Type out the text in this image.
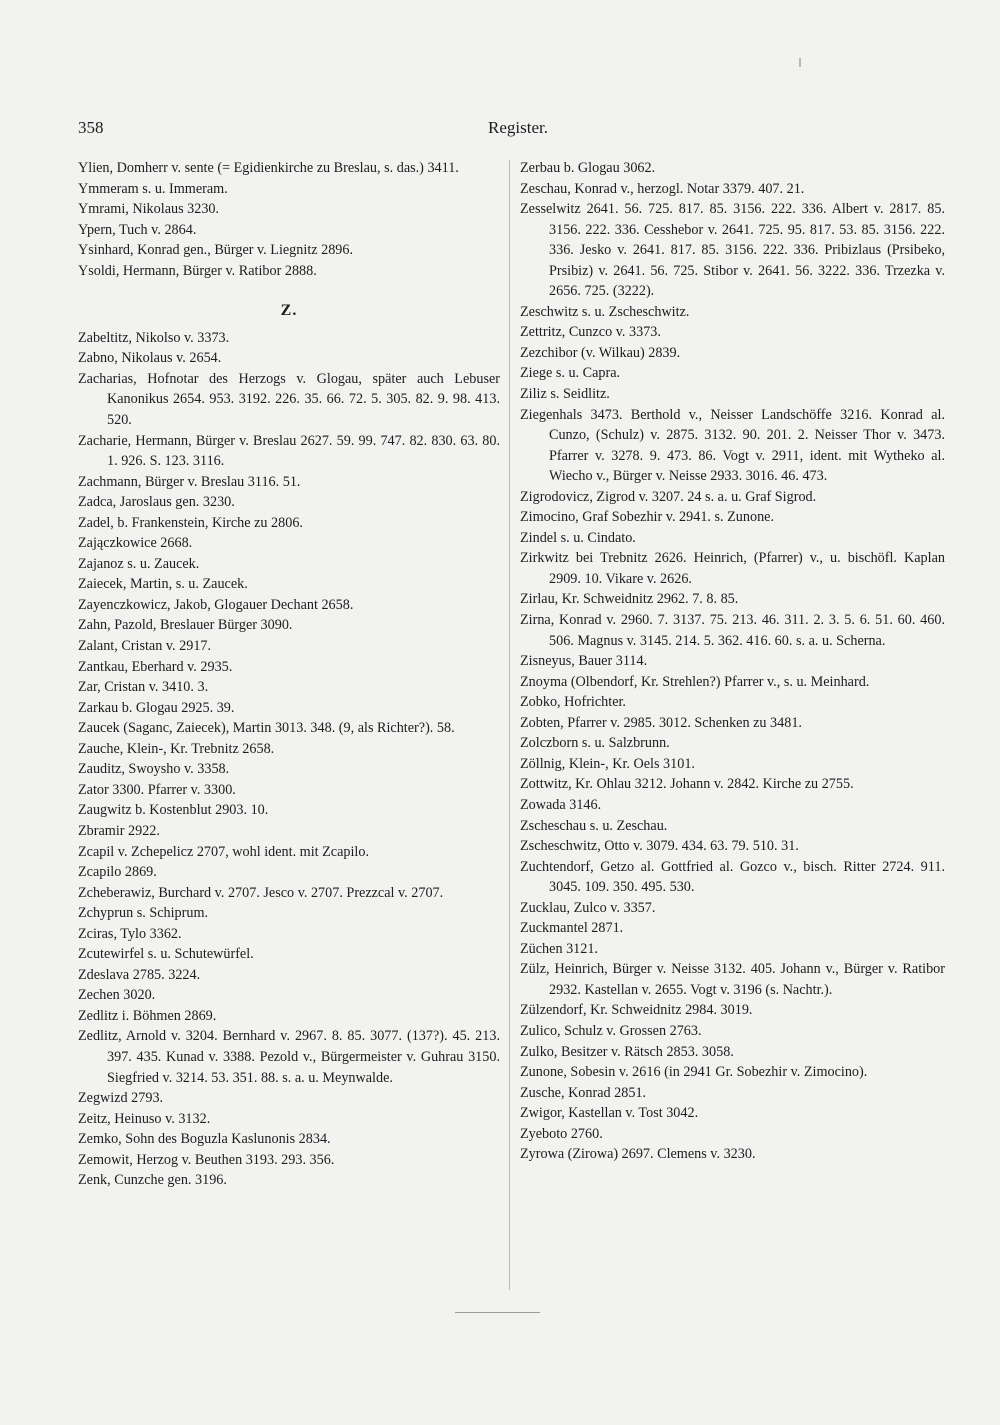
358	Register.

Ylien, Domherr v. sente (= Egidienkirche zu Breslau, s. das.) 3411.

Ymmeram s. u. Immeram.

Ymrami, Nikolaus 3230.

Ypern, Tuch v. 2864.

Ysinhard, Konrad gen., Bürger v. Liegnitz 2896.

Ysoldi, Hermann, Bürger v. Ratibor 2888.

Z.

Zabeltitz, Nikolso v. 3373.

Zabno, Nikolaus v. 2654.

Zacharias, Hofnotar des Herzogs v. Glogau, später auch Lebuser Kanonikus 2654. 953. 3192. 226. 35. 66. 72. 5. 305. 82. 9. 98. 413. 520.

Zacharie, Hermann, Bürger v. Breslau 2627. 59. 99. 747. 82. 830. 63. 80. 1. 926. S. 123. 3116.

Zachmann, Bürger v. Breslau 3116. 51.

Zadca, Jaroslaus gen. 3230.

Zadel, b. Frankenstein, Kirche zu 2806.

Zajączkowice 2668.

Zajanoz s. u. Zaucek.

Zaiecek, Martin, s. u. Zaucek.

Zayenczkowicz, Jakob, Glogauer Dechant 2658.

Zahn, Pazold, Breslauer Bürger 3090.

Zalant, Cristan v. 2917.

Zantkau, Eberhard v. 2935.

Zar, Cristan v. 3410. 3.

Zarkau b. Glogau 2925. 39.

Zaucek (Saganc, Zaiecek), Martin 3013. 348. (9, als Richter?). 58.

Zauche, Klein-, Kr. Trebnitz 2658.

Zauditz, Swoysho v. 3358.

Zator 3300. Pfarrer v. 3300.

Zaugwitz b. Kostenblut 2903. 10.

Zbramir 2922.

Zcapil v. Zchepelicz 2707, wohl ident. mit Zcapilo.

Zcapilo 2869.

Zcheberawiz, Burchard v. 2707. Jesco v. 2707. Prezzcal v. 2707.

Zchyprun s. Schiprum.

Zciras, Tylo 3362.

Zcutewirfel s. u. Schutewürfel.

Zdeslava 2785. 3224.

Zechen 3020.

Zedlitz i. Böhmen 2869.

Zedlitz, Arnold v. 3204. Bernhard v. 2967. 8. 85. 3077. (137?). 45. 213. 397. 435. Kunad v. 3388. Pezold v., Bürgermeister v. Guhrau 3150. Siegfried v. 3214. 53. 351. 88. s. a. u. Meynwalde.

Zegwizd 2793.

Zeitz, Heinuso v. 3132.

Zemko, Sohn des Boguzla Kaslunonis 2834.

Zemowit, Herzog v. Beuthen 3193. 293. 356.

Zenk, Cunzche gen. 3196.

Zerbau b. Glogau 3062.

Zeschau, Konrad v., herzogl. Notar 3379. 407. 21.

Zesselwitz 2641. 56. 725. 817. 85. 3156. 222. 336. Albert v. 2817. 85. 3156. 222. 336. Cesshebor v. 2641. 725. 95. 817. 53. 85. 3156. 222. 336. Jesko v. 2641. 817. 85. 3156. 222. 336. Pribizlaus (Prsibeko, Prsibiz) v. 2641. 56. 725. Stibor v. 2641. 56. 3222. 336. Trzezka v. 2656. 725. (3222).

Zeschwitz s. u. Zscheschwitz.

Zettritz, Cunzco v. 3373.

Zezchibor (v. Wilkau) 2839.

Ziege s. u. Capra.

Ziliz s. Seidlitz.

Ziegenhals 3473. Berthold v., Neisser Landschöffe 3216. Konrad al. Cunzo, (Schulz) v. 2875. 3132. 90. 201. 2. Neisser Thor v. 3473. Pfarrer v. 3278. 9. 473. 86. Vogt v. 2911, ident. mit Wytheko al. Wiecho v., Bürger v. Neisse 2933. 3016. 46. 473.

Zigrodovicz, Zigrod v. 3207. 24 s. a. u. Graf Sigrod.

Zimocino, Graf Sobezhir v. 2941. s. Zunone.

Zindel s. u. Cindato.

Zirkwitz bei Trebnitz 2626. Heinrich, (Pfarrer) v., u. bischöfl. Kaplan 2909. 10. Vikare v. 2626.

Zirlau, Kr. Schweidnitz 2962. 7. 8. 85.

Zirna, Konrad v. 2960. 7. 3137. 75. 213. 46. 311. 2. 3. 5. 6. 51. 60. 460. 506. Magnus v. 3145. 214. 5. 362. 416. 60. s. a. u. Scherna.

Zisneyus, Bauer 3114.

Znoyma (Olbendorf, Kr. Strehlen?) Pfarrer v., s. u. Meinhard.

Zobko, Hofrichter.

Zobten, Pfarrer v. 2985. 3012. Schenken zu 3481.

Zolczborn s. u. Salzbrunn.

Zöllnig, Klein-, Kr. Oels 3101.

Zottwitz, Kr. Ohlau 3212. Johann v. 2842. Kirche zu 2755.

Zowada 3146.

Zscheschau s. u. Zeschau.

Zscheschwitz, Otto v. 3079. 434. 63. 79. 510. 31.

Zuchtendorf, Getzo al. Gottfried al. Gozco v., bisch. Ritter 2724. 911. 3045. 109. 350. 495. 530.

Zucklau, Zulco v. 3357.

Zuckmantel 2871.

Züchen 3121.

Zülz, Heinrich, Bürger v. Neisse 3132. 405. Johann v., Bürger v. Ratibor 2932. Kastellan v. 2655. Vogt v. 3196 (s. Nachtr.).

Zülzendorf, Kr. Schweidnitz 2984. 3019.

Zulico, Schulz v. Grossen 2763.

Zulko, Besitzer v. Rätsch 2853. 3058.

Zunone, Sobesin v. 2616 (in 2941 Gr. Sobezhir v. Zimocino).

Zusche, Konrad 2851.

Zwigor, Kastellan v. Tost 3042.

Zyeboto 2760.

Zyrowa (Zirowa) 2697. Clemens v. 3230.
